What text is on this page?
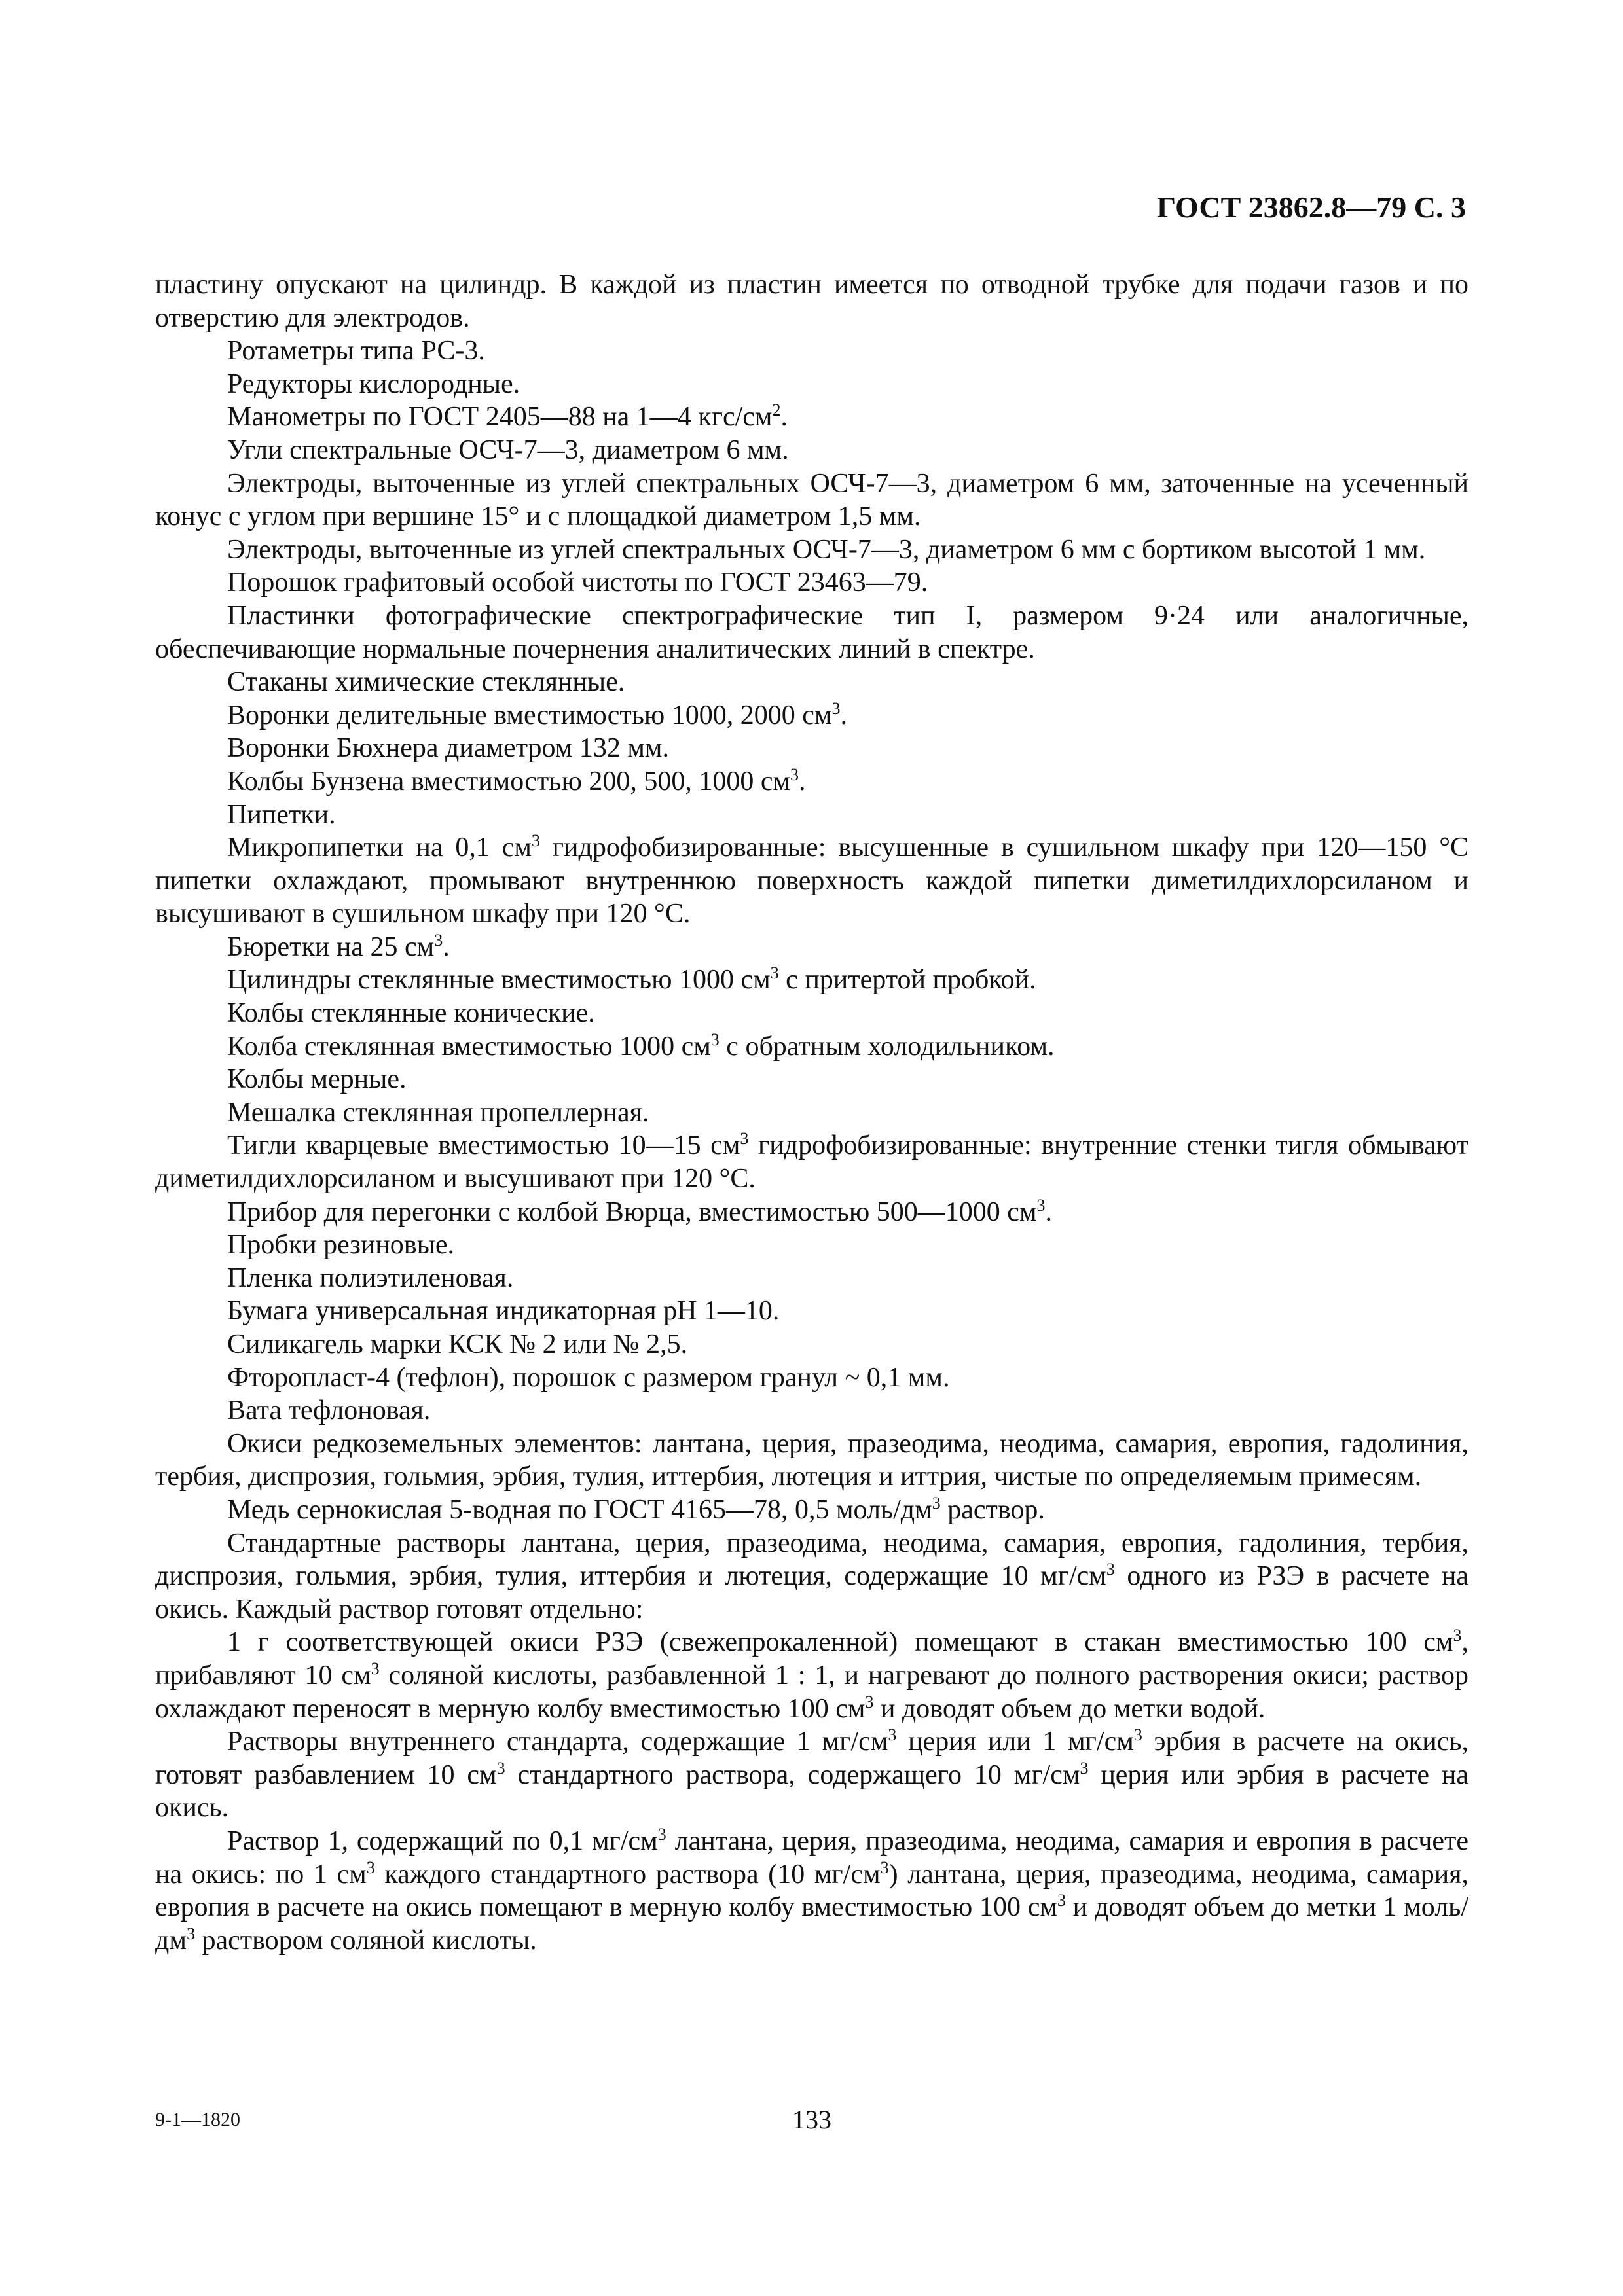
ГОСТ 23862.8—79 С. 3

пластину опускают на цилиндр. В каждой из пластин имеется по отводной трубке для подачи газов и по отверстию для электродов.

Ротаметры типа РС-3.

Редукторы кислородные.

Манометры по ГОСТ 2405—88 на 1—4 кгс/$см^2$.

Угли спектральные ОСЧ-7—3, диаметром 6 мм.

Электроды, выточенные из углей спектральных ОСЧ-7—3, диаметром 6 мм, заточенные на усеченный конус с углом при вершине 15° и с площадкой диаметром 1,5 мм.

Электроды, выточенные из углей спектральных ОСЧ-7—3, диаметром 6 мм с бортиком высотой 1 мм.

Порошок графитовый особой чистоты по ГОСТ 23463—79.

Пластинки фотографические спектрографические тип I, размером 9·24 или аналогичные, обеспечивающие нормальные почернения аналитических линий в спектре.

Стаканы химические стеклянные.

Воронки делительные вместимостью 1000, 2000 $см^3$.

Воронки Бюхнера диаметром 132 мм.

Колбы Бунзена вместимостью 200, 500, 1000 $см^3$.

Пипетки.

Микропипетки на 0,1 $см^3$ гидрофобизированные: высушенные в сушильном шкафу при 120—150 °С пипетки охлаждают, промывают внутреннюю поверхность каждой пипетки диметилдихлорсиланом и высушивают в сушильном шкафу при 120 °С.

Бюретки на 25 $см^3$.

Цилиндры стеклянные вместимостью 1000 $см^3$ с притертой пробкой.

Колбы стеклянные конические.

Колба стеклянная вместимостью 1000 $см^3$ с обратным холодильником.

Колбы мерные.

Мешалка стеклянная пропеллерная.

Тигли кварцевые вместимостью 10—15 $см^3$ гидрофобизированные: внутренние стенки тигля обмывают диметилдихлорсиланом и высушивают при 120 °С.

Прибор для перегонки с колбой Вюрца, вместимостью 500—1000 $см^3$.

Пробки резиновые.

Пленка полиэтиленовая.

Бумага универсальная индикаторная pH 1—10.

Силикагель марки КСК № 2 или № 2,5.

Фторопласт-4 (тефлон), порошок с размером гранул ~ 0,1 мм.

Вата тефлоновая.

Окиси редкоземельных элементов: лантана, церия, празеодима, неодима, самария, европия, гадолиния, тербия, диспрозия, гольмия, эрбия, тулия, иттербия, лютеция и иттрия, чистые по определяемым примесям.

Медь сернокислая 5-водная по ГОСТ 4165—78, 0,5 моль/$дм^3$ раствор.

Стандартные растворы лантана, церия, празеодима, неодима, самария, европия, гадолиния, тербия, диспрозия, гольмия, эрбия, тулия, иттербия и лютеция, содержащие 10 $мг/см^3$ одного из РЗЭ в расчете на окись. Каждый раствор готовят отдельно:

1 г соответствующей окиси РЗЭ (свежепрокаленной) помещают в стакан вместимостью 100 $см^3$, прибавляют 10 $см^3$ соляной кислоты, разбавленной 1 : 1, и нагревают до полного растворения окиси; раствор охлаждают переносят в мерную колбу вместимостью 100 $см^3$ и доводят объем до метки водой.

Растворы внутреннего стандарта, содержащие 1 $мг/см^3$ церия или 1 $мг/см^3$ эрбия в расчете на окись, готовят разбавлением 10 $см^3$ стандартного раствора, содержащего 10 $мг/см^3$ церия или эрбия в расчете на окись.

Раствор 1, содержащий по 0,1 $мг/см^3$ лантана, церия, празеодима, неодима, самария и европия в расчете на окись: по 1 $см^3$ каждого стандартного раствора (10 $мг/см^3$) лантана, церия, празеодима, неодима, самария, европия в расчете на окись помещают в мерную колбу вместимостью 100 $см^3$ и доводят объем до метки 1 моль/$дм^3$ раствором соляной кислоты.

9-1—1820	133
